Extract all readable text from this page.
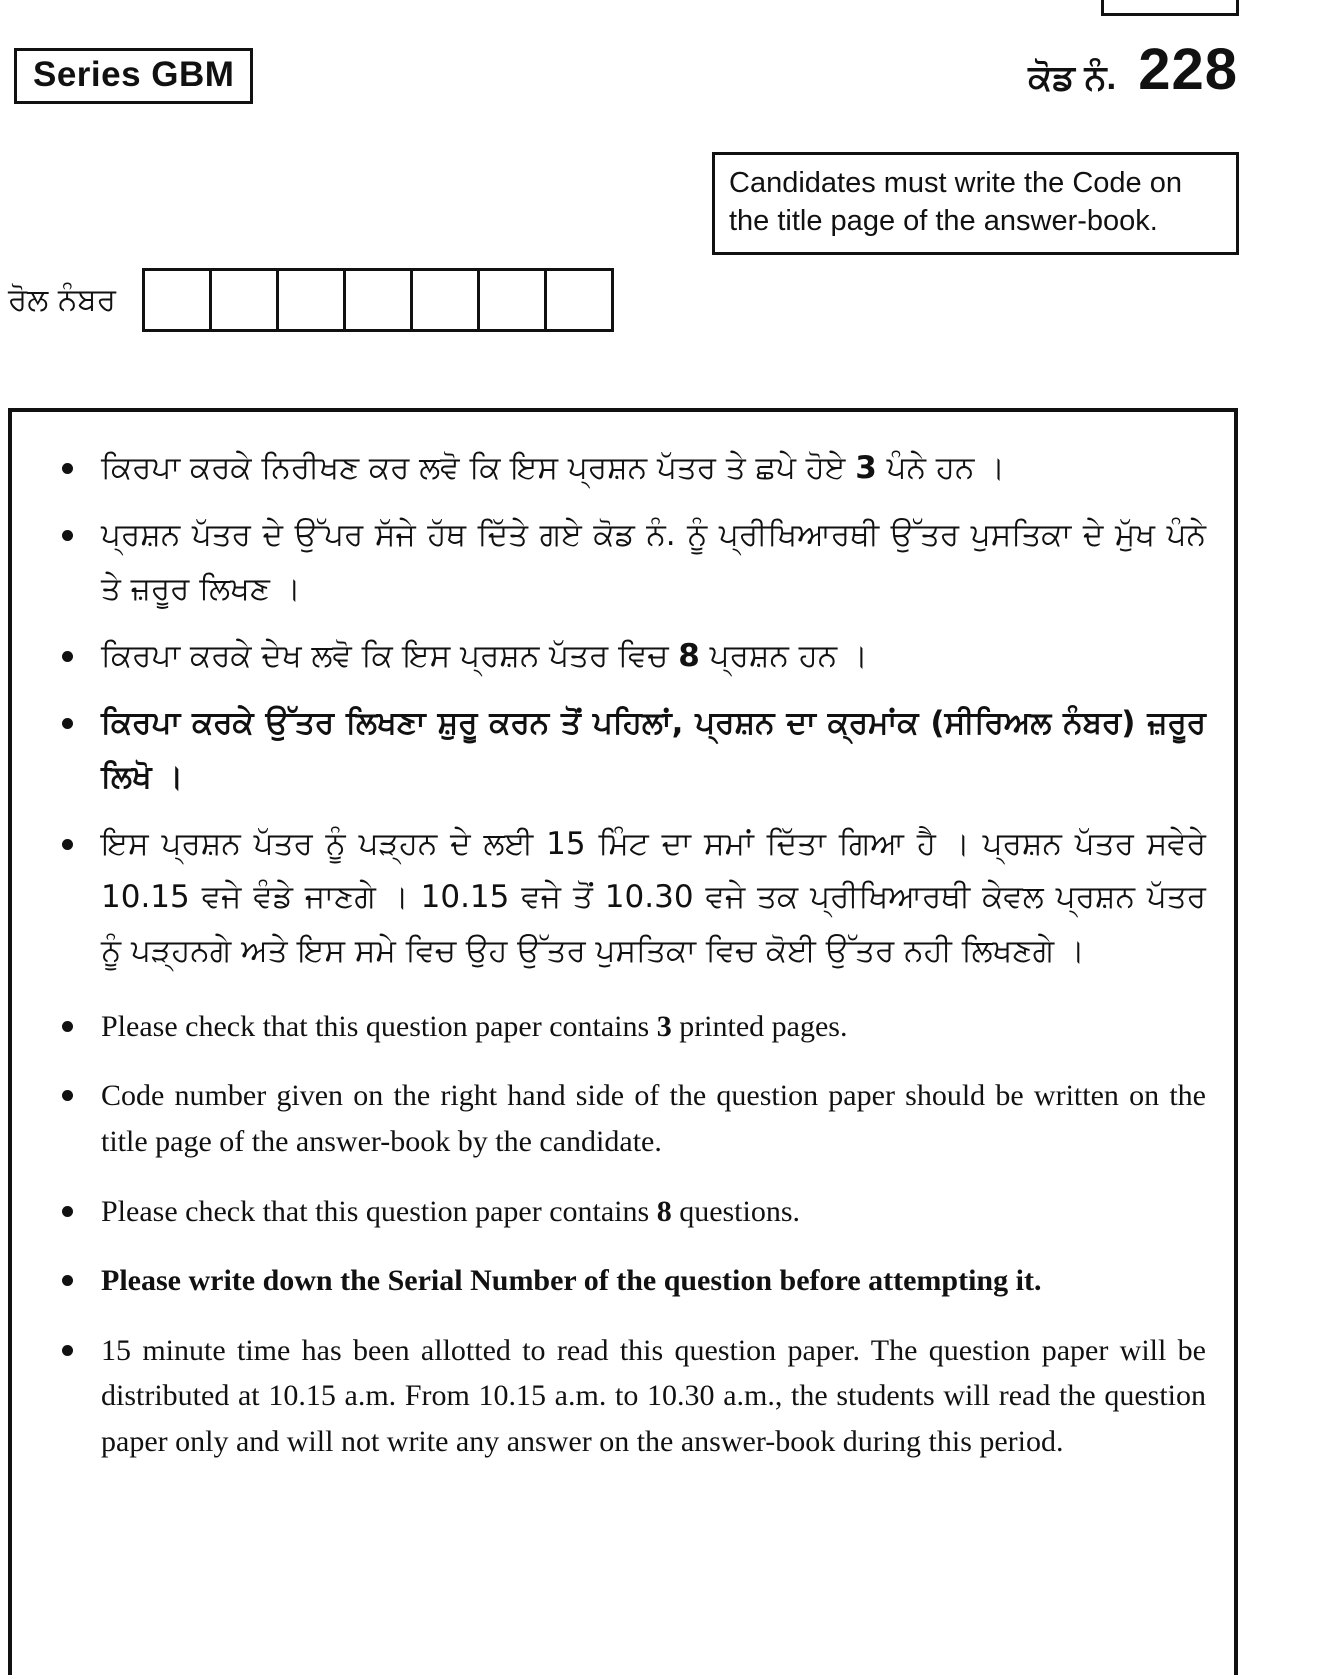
Series GBM	ਕੋਡ ਨੰ. 228
Candidates must write the Code on the title page of the answer-book.
ਰੋਲ ਨੰਬਰ
ਕਿਰਪਾ ਕਰਕੇ ਨਿਰੀਖਣ ਕਰ ਲਵੋ ਕਿ ਇਸ ਪ੍ਰਸ਼ਨ ਪੱਤਰ ਤੇ ਛਪੇ ਹੋਏ 3 ਪੰਨੇ ਹਨ ।
ਪ੍ਰਸ਼ਨ ਪੱਤਰ ਦੇ ਉੱਪਰ ਸੱਜੇ ਹੱਥ ਦਿੱਤੇ ਗਏ ਕੋਡ ਨੰ. ਨੂੰ ਪ੍ਰੀਖਿਆਰਥੀ ਉੱਤਰ ਪੁਸਤਿਕਾ ਦੇ ਮੁੱਖ ਪੰਨੇ ਤੇ ਜ਼ਰੂਰ ਲਿਖਣ ।
ਕਿਰਪਾ ਕਰਕੇ ਦੇਖ ਲਵੋ ਕਿ ਇਸ ਪ੍ਰਸ਼ਨ ਪੱਤਰ ਵਿਚ 8 ਪ੍ਰਸ਼ਨ ਹਨ ।
ਕਿਰਪਾ ਕਰਕੇ ਉੱਤਰ ਲਿਖਣਾ ਸ਼ੁਰੂ ਕਰਨ ਤੋਂ ਪਹਿਲਾਂ, ਪ੍ਰਸ਼ਨ ਦਾ ਕ੍ਰਮਾਂਕ (ਸੀਰਿਅਲ ਨੰਬਰ) ਜ਼ਰੂਰ ਲਿਖੋ ।
ਇਸ ਪ੍ਰਸ਼ਨ ਪੱਤਰ ਨੂੰ ਪੜ੍ਹਨ ਦੇ ਲਈ 15 ਮਿੰਟ ਦਾ ਸਮਾਂ ਦਿੱਤਾ ਗਿਆ ਹੈ । ਪ੍ਰਸ਼ਨ ਪੱਤਰ ਸਵੇਰੇ 10.15 ਵਜੇ ਵੰਡੇ ਜਾਣਗੇ । 10.15 ਵਜੇ ਤੋਂ 10.30 ਵਜੇ ਤਕ ਪ੍ਰੀਖਿਆਰਥੀ ਕੇਵਲ ਪ੍ਰਸ਼ਨ ਪੱਤਰ ਨੂੰ ਪੜ੍ਹਨਗੇ ਅਤੇ ਇਸ ਸਮੇ ਵਿਚ ਉਹ ਉੱਤਰ ਪੁਸਤਿਕਾ ਵਿਚ ਕੋਈ ਉੱਤਰ ਨਹੀ ਲਿਖਣਗੇ ।
Please check that this question paper contains 3 printed pages.
Code number given on the right hand side of the question paper should be written on the title page of the answer-book by the candidate.
Please check that this question paper contains 8 questions.
Please write down the Serial Number of the question before attempting it.
15 minute time has been allotted to read this question paper. The question paper will be distributed at 10.15 a.m. From 10.15 a.m. to 10.30 a.m., the students will read the question paper only and will not write any answer on the answer-book during this period.
